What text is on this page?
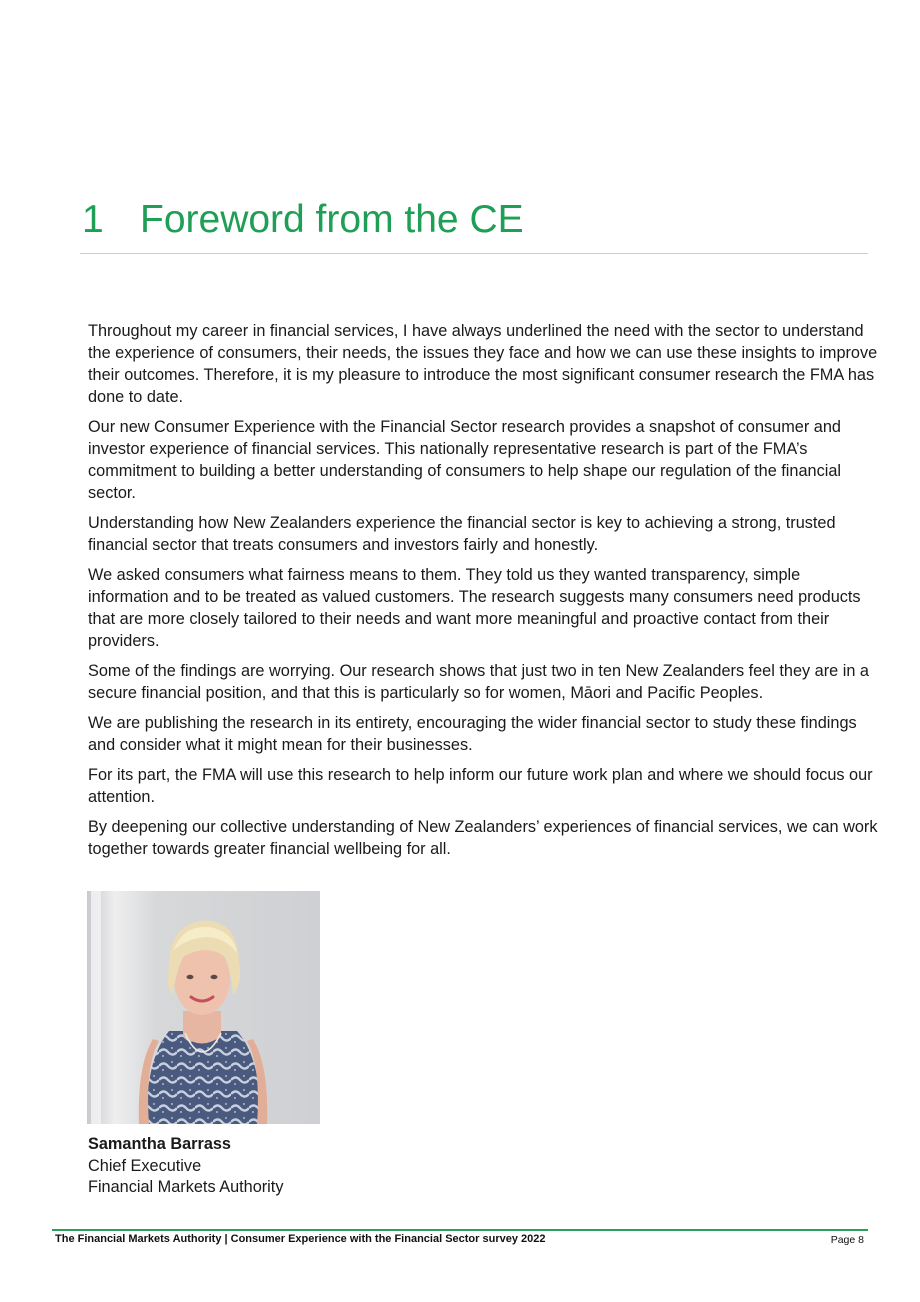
1 Foreword from the CE

Throughout my career in financial services, I have always underlined the need with the sector to understand the experience of consumers, their needs, the issues they face and how we can use these insights to improve their outcomes. Therefore, it is my pleasure to introduce the most significant consumer research the FMA has done to date.

Our new Consumer Experience with the Financial Sector research provides a snapshot of consumer and investor experience of financial services. This nationally representative research is part of the FMA’s commitment to building a better understanding of consumers to help shape our regulation of the financial sector.

Understanding how New Zealanders experience the financial sector is key to achieving a strong, trusted financial sector that treats consumers and investors fairly and honestly.

We asked consumers what fairness means to them. They told us they wanted transparency, simple information and to be treated as valued customers. The research suggests many consumers need products that are more closely tailored to their needs and want more meaningful and proactive contact from their providers.

Some of the findings are worrying. Our research shows that just two in ten New Zealanders feel they are in a secure financial position, and that this is particularly so for women, Māori and Pacific Peoples.

We are publishing the research in its entirety, encouraging the wider financial sector to study these findings and consider what it might mean for their businesses.

For its part, the FMA will use this research to help inform our future work plan and where we should focus our attention.

By deepening our collective understanding of New Zealanders’ experiences of financial services, we can work together towards greater financial wellbeing for all.

Samantha Barrass
Chief Executive
Financial Markets Authority
The Financial Markets Authority | Consumer Experience with the Financial Sector survey 2022	Page 8
